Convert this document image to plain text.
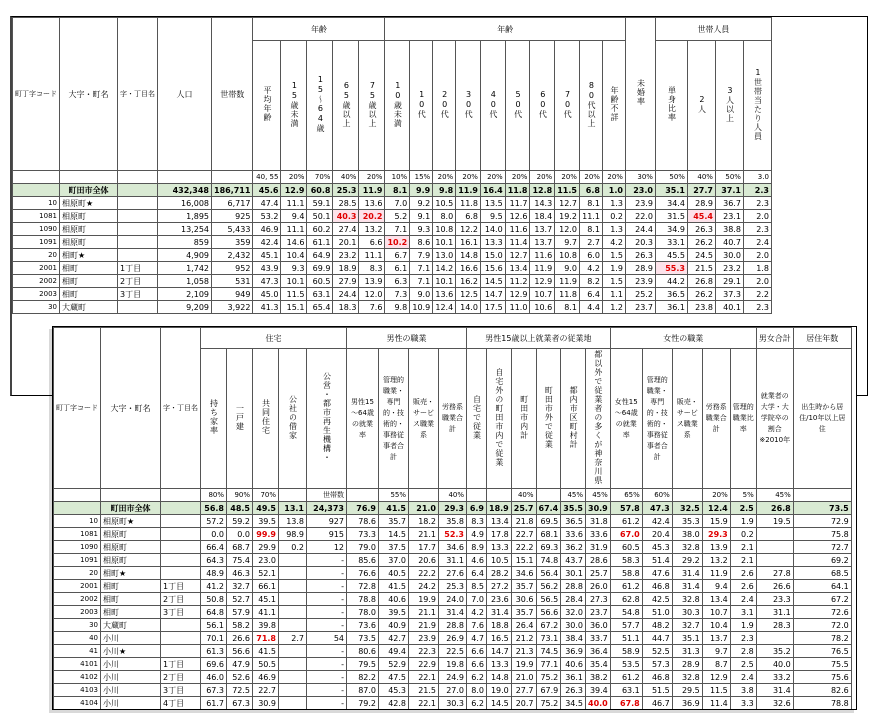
町丁字コード	大字・町名	字・丁目名	人口	世帯数	年齢					年齢										未婚率	世帯人員			
					平均年齢	15歳未満	15～64歳	65歳以上	75歳以上	10歳未満	10代	20代	30代	40代	50代	60代	70代	80代以上	年齢不詳		単身比率	2人	3人以上	1世帯当たり人員
					40, 55	20%	70%	40%	20%	10%	15%	20%	20%	20%	20%	20%	20%	20%	20%	30%	50%	40%	50%	3.0
	町田市全体		432,348	186,711	45.6	12.9	60.8	25.3	11.9	8.1	9.9	9.8	11.9	16.4	11.8	12.8	11.5	6.8	1.0	23.0	35.1	27.7	37.1	2.3
10	相原町★		16,008	6,717	47.4	11.1	59.1	28.5	13.6	7.0	9.2	10.5	11.8	13.5	11.7	14.3	12.7	8.1	1.3	23.9	34.4	28.9	36.7	2.3
1081	相原町		1,895	925	53.2	9.4	50.1	40.3	20.2	5.2	9.1	8.0	6.8	9.5	12.6	18.4	19.2	11.1	0.2	22.0	31.5	45.4	23.1	2.0
1090	相原町		13,254	5,433	46.9	11.1	60.2	27.4	13.2	7.1	9.3	10.8	12.2	14.0	11.6	13.7	12.0	8.1	1.3	24.4	34.9	26.3	38.8	2.3
1091	相原町		859	359	42.4	14.6	61.1	20.1	6.6	10.2	8.6	10.1	16.1	13.3	11.4	13.7	9.7	2.7	4.2	20.3	33.1	26.2	40.7	2.4
20	相町★		4,909	2,432	45.1	10.4	64.9	23.2	11.1	6.7	7.9	13.0	14.8	15.0	12.7	11.6	10.8	6.0	1.5	26.3	45.5	24.5	30.0	2.0
2001	相町	1丁目	1,742	952	43.9	9.3	69.9	18.9	8.3	6.1	7.1	14.2	16.6	15.6	13.4	11.9	9.0	4.2	1.9	28.9	55.3	21.5	23.2	1.8
2002	相町	2丁目	1,058	531	47.3	10.1	60.5	27.9	13.9	6.3	7.1	10.1	16.2	14.5	11.2	12.9	11.9	8.2	1.5	23.9	44.2	26.8	29.1	2.0
2003	相町	3丁目	2,109	949	45.0	11.5	63.1	24.4	12.0	7.3	9.0	13.6	12.5	14.7	12.9	10.7	11.8	6.4	1.1	25.2	36.5	26.2	37.3	2.2
30	大蔵町		9,209	3,922	41.3	15.1	65.4	18.3	7.6	9.8	10.9	12.4	14.0	17.5	11.0	10.6	8.1	4.4	1.2	23.7	36.1	23.8	40.1	2.3
町丁字コード	大字・町名	字・丁目名	住宅					男性の職業				男性15歳以上就業者の従業地						女性の職業					男女合計	居住年数
			持ち家率	一戸建	共同住宅	公社の借家	公営・都市再生機構・	男性15～64歳の就業率	管理的職業・専門的・技術的・事務従事者合計	販売・サービス職業系	労務系職業合計	自宅で従業	自宅外の町田市内で従業	町田市内計	町田市外で従業	都内市区町村計	都以外で従業者の多くが神奈川県	女性15～64歳の就業率	管理的職業・専門的・技術的・事務従事者合計	販売・サービス職業系	労務系職業合計	管理的職業比率	就業者の大学・大学院卒の割合※2010年	出生時から居住/10年以上居住
			80%	90%	70%		世帯数		55%		40%			40%		45%	45%	65%	60%		20%	5%	45%	
	町田市全体		56.8	48.5	49.5	13.1	24,373	76.9	41.5	21.0	29.3	6.9	18.9	25.7	67.4	35.5	30.9	57.8	47.3	32.5	12.4	2.5	26.8	73.5
10	相原町★		57.2	59.2	39.5	13.8	927	78.6	35.7	18.2	35.8	8.3	13.4	21.8	69.5	36.5	31.8	61.2	42.4	35.3	15.9	1.9	19.5	72.9
1081	相原町		0.0	0.0	99.9	98.9	915	73.3	14.5	21.1	52.3	4.9	17.8	22.7	68.1	33.6	33.6	67.0	20.4	38.0	29.3	0.2		75.8
1090	相原町		66.4	68.7	29.9	0.2	12	79.0	37.5	17.7	34.6	8.9	13.3	22.2	69.3	36.2	31.9	60.5	45.3	32.8	13.9	2.1		72.7
1091	相原町		64.3	75.4	23.0		-	85.6	37.0	20.6	31.1	4.6	10.5	15.1	74.8	43.7	28.6	58.3	51.4	29.2	13.2	2.1		69.2
20	相町★		48.9	46.3	52.1		-	76.6	40.5	22.2	27.6	6.4	28.2	34.6	56.4	30.1	25.7	58.8	47.6	31.4	11.9	2.6	27.8	68.5
2001	相町	1丁目	41.2	32.7	66.1		-	72.8	41.5	24.2	25.3	8.5	27.2	35.7	56.2	28.8	26.0	61.2	46.8	31.4	9.4	2.6	26.6	64.1
2002	相町	2丁目	50.8	52.7	45.1		-	78.8	40.6	19.9	24.0	7.0	23.6	30.6	56.5	28.4	27.3	62.8	42.5	32.8	13.4	2.4	23.3	67.2
2003	相町	3丁目	64.8	57.9	41.1		-	78.0	39.5	21.1	31.4	4.2	31.4	35.7	56.6	32.0	23.7	54.8	51.0	30.3	10.7	3.1	31.1	72.6
30	大蔵町		56.1	58.2	39.8		-	73.6	40.9	21.9	28.8	7.6	18.8	26.4	67.2	30.0	36.0	57.7	48.2	32.7	10.4	1.9	28.3	72.0
40	小川		70.1	26.6	71.8	2.7	54	73.5	42.7	23.9	26.9	4.7	16.5	21.2	73.1	38.4	33.7	51.1	44.7	35.1	13.7	2.3		78.2
41	小川★		61.3	56.6	41.5		-	80.6	49.4	22.3	22.5	6.6	14.7	21.3	74.5	36.9	36.4	58.9	52.5	31.3	9.7	2.8	35.2	76.5
4101	小川	1丁目	69.6	47.9	50.5		-	79.5	52.9	22.9	19.8	6.6	13.3	19.9	77.1	40.6	35.4	53.5	57.3	28.9	8.7	2.5	40.0	75.5
4102	小川	2丁目	46.0	52.6	46.9		-	82.2	47.5	22.1	24.9	6.2	14.8	21.0	75.2	36.1	38.2	61.2	46.8	32.8	12.9	2.4	33.2	75.6
4103	小川	3丁目	67.3	72.5	22.7		-	87.0	45.3	21.5	27.0	8.0	19.0	27.7	67.9	26.3	39.4	63.1	51.5	29.5	11.5	3.8	31.4	82.6
4104	小川	4丁目	61.7	67.3	30.9		-	79.2	42.8	22.1	30.3	6.2	14.5	20.7	75.2	34.5	40.0	67.8	46.7	36.9	11.4	3.3	32.6	78.8
